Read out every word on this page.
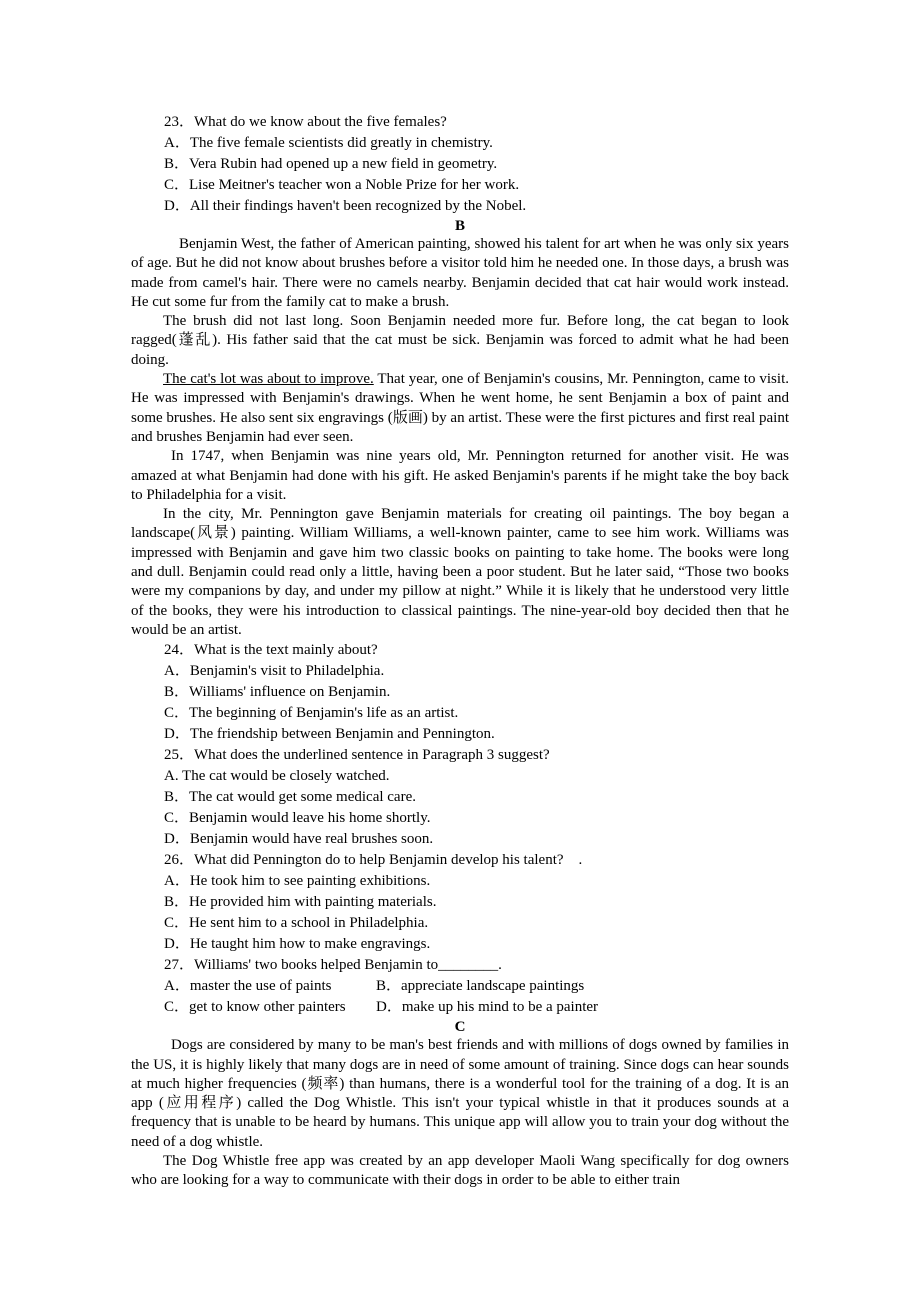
23．What do we know about the five females?
A．The five female scientists did greatly in chemistry.
B．Vera Rubin had opened up a new field in geometry.
C．Lise Meitner's teacher won a Noble Prize for her work.
D．All their findings haven't been recognized by the Nobel.
B

Benjamin West, the father of American painting, showed his talent for art when he was only six years of age. But he did not know about brushes before a visitor told him he needed one. In those days, a brush was made from camel's hair. There were no camels nearby. Benjamin decided that cat hair would work instead. He cut some fur from the family cat to make a brush.

The brush did not last long. Soon Benjamin needed more fur. Before long, the cat began to look ragged(蓬乱). His father said that the cat must be sick. Benjamin was forced to admit what he had been doing.

The cat's lot was about to improve. That year, one of Benjamin's cousins, Mr. Pennington, came to visit. He was impressed with Benjamin's drawings. When he went home, he sent Benjamin a box of paint and some brushes. He also sent six engravings (版画) by an artist. These were the first pictures and first real paint and brushes Benjamin had ever seen.

In 1747, when Benjamin was nine years old, Mr. Pennington returned for another visit. He was amazed at what Benjamin had done with his gift. He asked Benjamin's parents if he might take the boy back to Philadelphia for a visit.

In the city, Mr. Pennington gave Benjamin materials for creating oil paintings. The boy began a landscape(风景) painting. William Williams, a well-known painter, came to see him work. Williams was impressed with Benjamin and gave him two classic books on painting to take home. The books were long and dull. Benjamin could read only a little, having been a poor student. But he later said, “Those two books were my companions by day, and under my pillow at night.” While it is likely that he understood very little of the books, they were his introduction to classical paintings. The nine-year-old boy decided then that he would be an artist.

24．What is the text mainly about?
A．Benjamin's visit to Philadelphia.
B．Williams' influence on Benjamin.
C．The beginning of Benjamin's life as an artist.
D．The friendship between Benjamin and Pennington.
25．What does the underlined sentence in Paragraph 3 suggest?
A. The cat would be closely watched.
B．The cat would get some medical care.
C．Benjamin would leave his home shortly.
D．Benjamin would have real brushes soon.
26．What did Pennington do to help Benjamin develop his talent?　.
A．He took him to see painting exhibitions.
B．He provided him with painting materials.
C．He sent him to a school in Philadelphia.
D．He taught him how to make engravings.
27．Williams' two books helped Benjamin to________.
A．master the use of paints	B．appreciate landscape paintings
C．get to know other painters D．make up his mind to be a painter
C

Dogs are considered by many to be man's best friends and with millions of dogs owned by families in the US, it is highly likely that many dogs are in need of some amount of training. Since dogs can hear sounds at much higher frequencies (频率) than humans, there is a wonderful tool for the training of a dog. It is an app (应用程序) called the Dog Whistle. This isn't your typical whistle in that it produces sounds at a frequency that is unable to be heard by humans. This unique app will allow you to train your dog without the need of a dog whistle.

The Dog Whistle free app was created by an app developer Maoli Wang specifically for dog owners who are looking for a way to communicate with their dogs in order to be able to either train
